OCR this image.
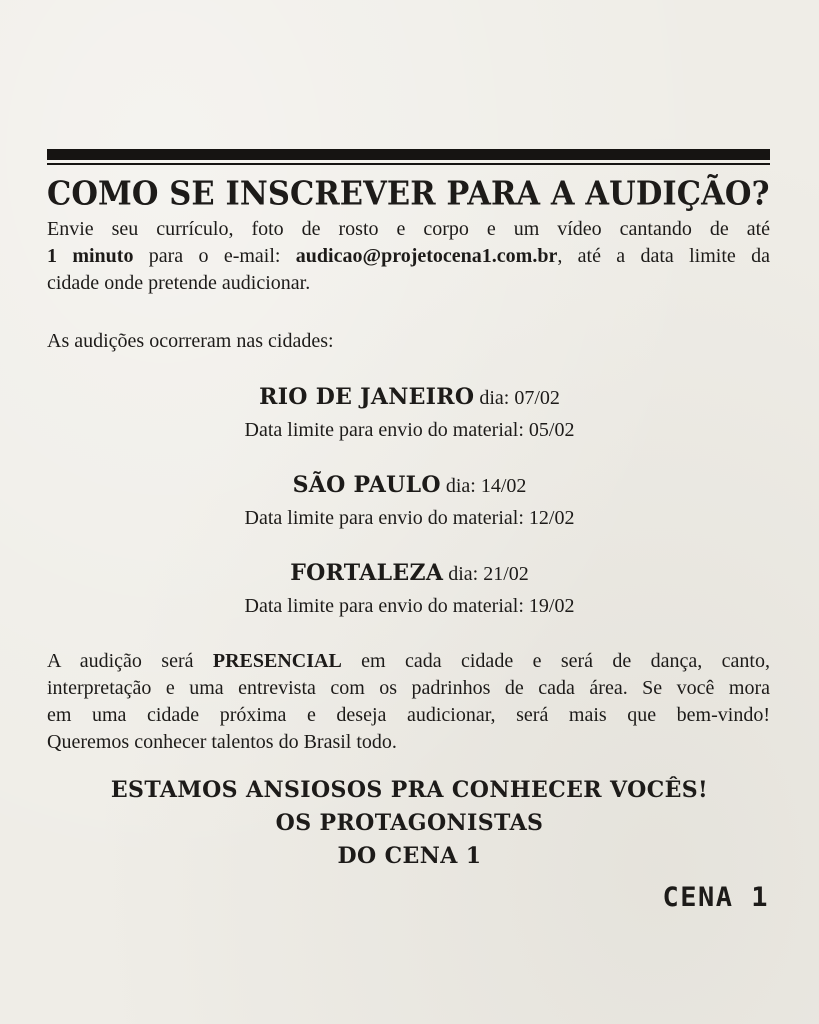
COMO SE INSCREVER PARA A AUDIÇÃO?
Envie seu currículo, foto de rosto e corpo e um vídeo cantando de até
1 minuto para o e-mail: audicao@projetocena1.com.br, até a data limite da
cidade onde pretende audicionar.
As audições ocorreram nas cidades:
RIO DE JANEIRO dia: 07/02
Data limite para envio do material: 05/02
SÃO PAULO dia: 14/02
Data limite para envio do material: 12/02
FORTALEZA dia: 21/02
Data limite para envio do material: 19/02
A audição será PRESENCIAL em cada cidade e será de dança, canto,
interpretação e uma entrevista com os padrinhos de cada área. Se você mora
em uma cidade próxima e deseja audicionar, será mais que bem-vindo!
Queremos conhecer talentos do Brasil todo.
ESTAMOS ANSIOSOS PRA CONHECER VOCÊS!
OS PROTAGONISTAS
DO CENA 1
CENA 1
